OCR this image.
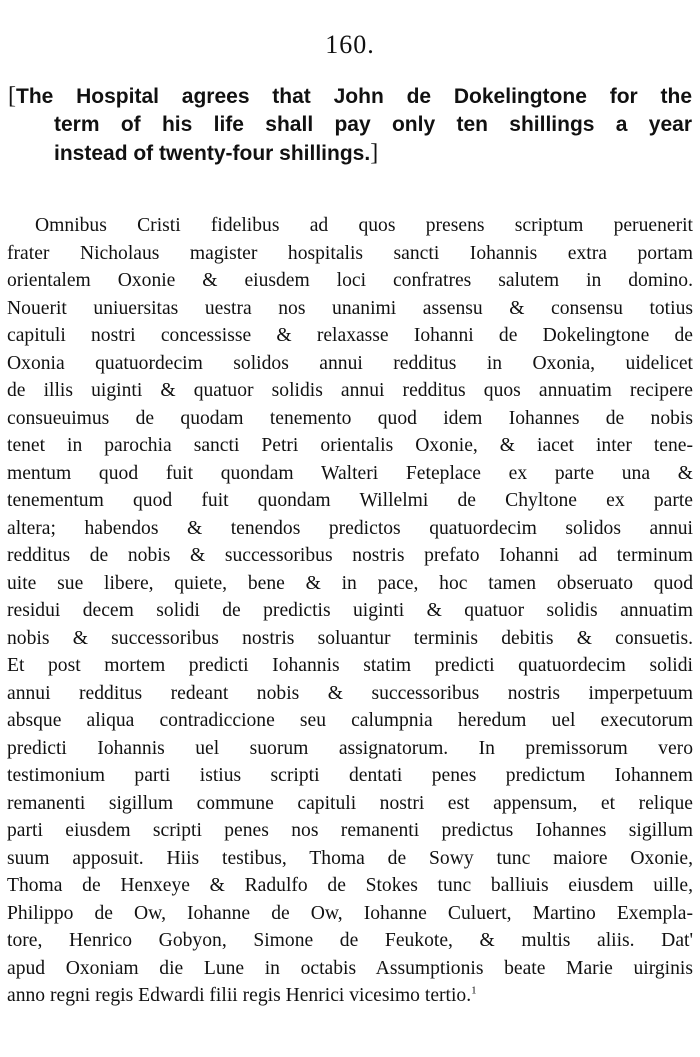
160.
[The Hospital agrees that John de Dokelingtone for the
term of his life shall pay only ten shillings a year
instead of twenty-four shillings.]
Omnibus Cristi fidelibus ad quos presens scriptum peruenerit
frater Nicholaus magister hospitalis sancti Iohannis extra portam
orientalem Oxonie & eiusdem loci confratres salutem in domino.
Nouerit uniuersitas uestra nos unanimi assensu & consensu totius
capituli nostri concessisse & relaxasse Iohanni de Dokelingtone de
Oxonia quatuordecim solidos annui redditus in Oxonia, uidelicet
de illis uiginti & quatuor solidis annui redditus quos annuatim recipere
consueuimus de quodam tenemento quod idem Iohannes de nobis
tenet in parochia sancti Petri orientalis Oxonie, & iacet inter tene-
mentum quod fuit quondam Walteri Feteplace ex parte una &
tenementum quod fuit quondam Willelmi de Chyltone ex parte
altera; habendos & tenendos predictos quatuordecim solidos annui
redditus de nobis & successoribus nostris prefato Iohanni ad terminum
uite sue libere, quiete, bene & in pace, hoc tamen obseruato quod
residui decem solidi de predictis uiginti & quatuor solidis annuatim
nobis & successoribus nostris soluantur terminis debitis & consuetis.
Et post mortem predicti Iohannis statim predicti quatuordecim solidi
annui redditus redeant nobis & successoribus nostris imperpetuum
absque aliqua contradiccione seu calumpnia heredum uel executorum
predicti Iohannis uel suorum assignatorum. In premissorum vero
testimonium parti istius scripti dentati penes predictum Iohannem
remanenti sigillum commune capituli nostri est appensum, et relique
parti eiusdem scripti penes nos remanenti predictus Iohannes sigillum
suum apposuit. Hiis testibus, Thoma de Sowy tunc maiore Oxonie,
Thoma de Henxeye & Radulfo de Stokes tunc balliuis eiusdem uille,
Philippo de Ow, Iohanne de Ow, Iohanne Culuert, Martino Exempla-
tore, Henrico Gobyon, Simone de Feukote, & multis aliis. Dat'
apud Oxoniam die Lune in octabis Assumptionis beate Marie uirginis
anno regni regis Edwardi filii regis Henrici vicesimo tertio.$^1$
